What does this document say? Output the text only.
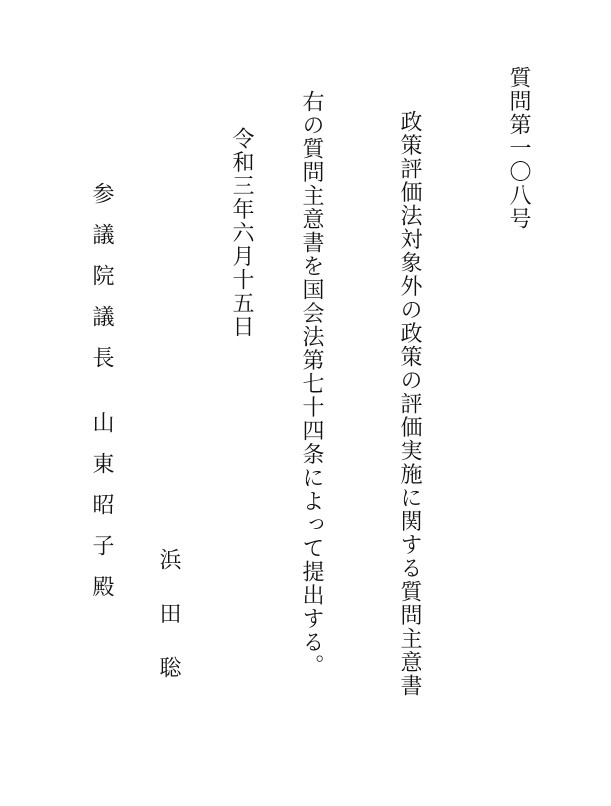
質問第一〇八号
政策評価法対象外の政策の評価実施に関する質問主意書
右の質問主意書を国会法第七十四条によって提出する。
令和三年六月十五日
浜田聡
参議院議長山東昭子殿
